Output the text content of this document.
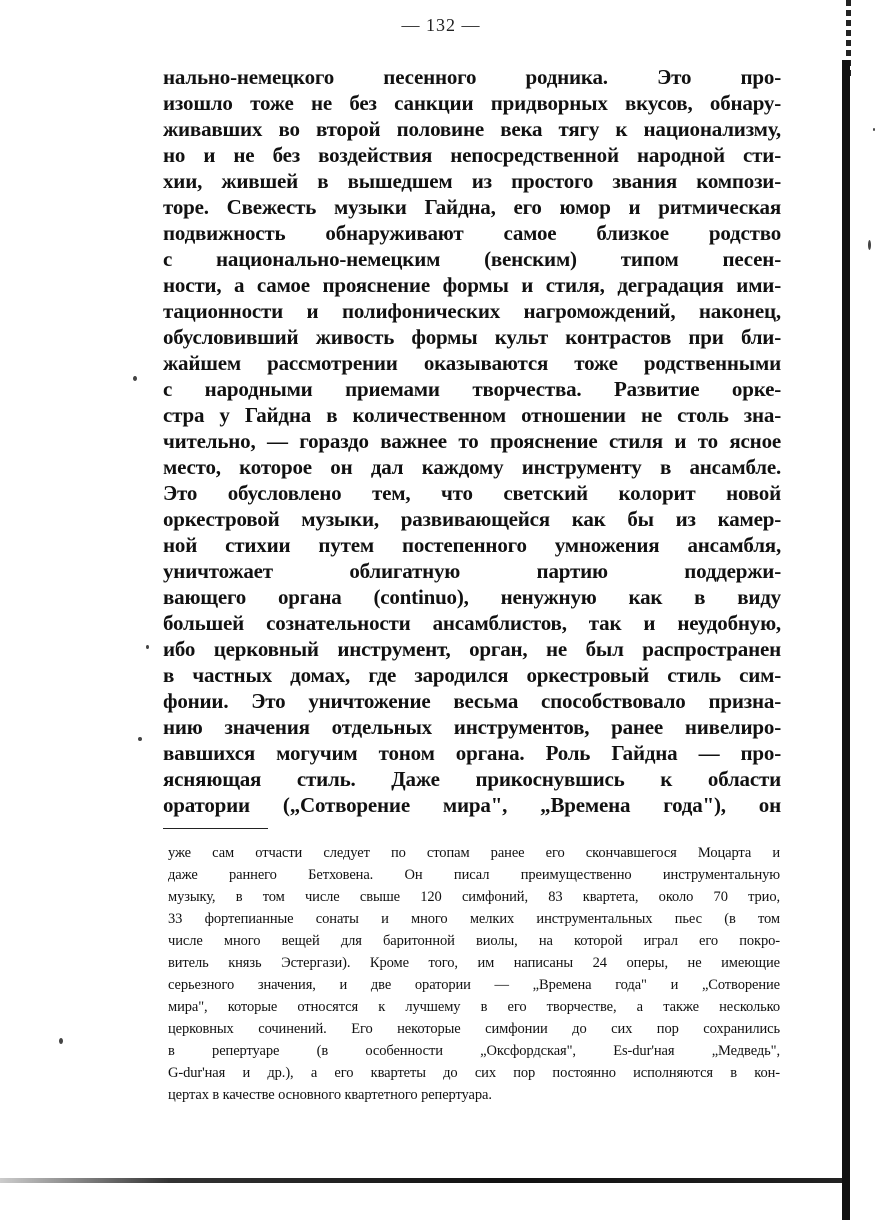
— 132 —
нально-немецкого песенного родника. Это про-
изошло тоже не без санкции придворных вкусов, обнару-
живавших во второй половине века тягу к национализму,
но и не без воздействия непосредственной народной сти-
хии, жившей в вышедшем из простого звания компози-
торе. Свежесть музыки Гайдна, его юмор и ритмическая
подвижность обнаруживают самое близкое родство
с национально-немецким (венским) типом песен-
ности, а самое прояснение формы и стиля, деградация ими-
тационности и полифонических нагромождений, наконец,
обусловивший живость формы культ контрастов при бли-
жайшем рассмотрении оказываются тоже родственными
с народными приемами творчества. Развитие орке-
стра у Гайдна в количественном отношении не столь зна-
чительно, — гораздо важнее то прояснение стиля и то ясное
место, которое он дал каждому инструменту в ансамбле.
Это обусловлено тем, что светский колорит новой
оркестровой музыки, развивающейся как бы из камер-
ной стихии путем постепенного умножения ансамбля,
уничтожает облигатную партию поддержи-
вающего органа (continuo), ненужную как в виду
большей сознательности ансамблистов, так и неудобную,
ибо церковный инструмент, орган, не был распространен
в частных домах, где зародился оркестровый стиль сим-
фонии. Это уничтожение весьма способствовало призна-
нию значения отдельных инструментов, ранее нивелиро-
вавшихся могучим тоном органа. Роль Гайдна — про-
ясняющая стиль. Даже прикоснувшись к области
оратории („Сотворение мира", „Времена года"), он
уже сам отчасти следует по стопам ранее его скончавшегося Моцарта и
даже раннего Бетховена. Он писал преимущественно инструментальную
музыку, в том числе свыше 120 симфоний, 83 квартета, около 70 трио,
33 фортепианные сонаты и много мелких инструментальных пьес (в том
числе много вещей для баритонной виолы, на которой играл его покро-
витель князь Эстергази). Кроме того, им написаны 24 оперы, не имеющие
серьезного значения, и две оратории — „Времена года" и „Сотворение
мира", которые относятся к лучшему в его творчестве, а также несколько
церковных сочинений. Его некоторые симфонии до сих пор сохранились
в репертуаре (в особенности „Оксфордская", Es-dur'ная „Медведь",
G-dur'ная и др.), а его квартеты до сих пор постоянно исполняются в кон-
цертах в качестве основного квартетного репертуара.
